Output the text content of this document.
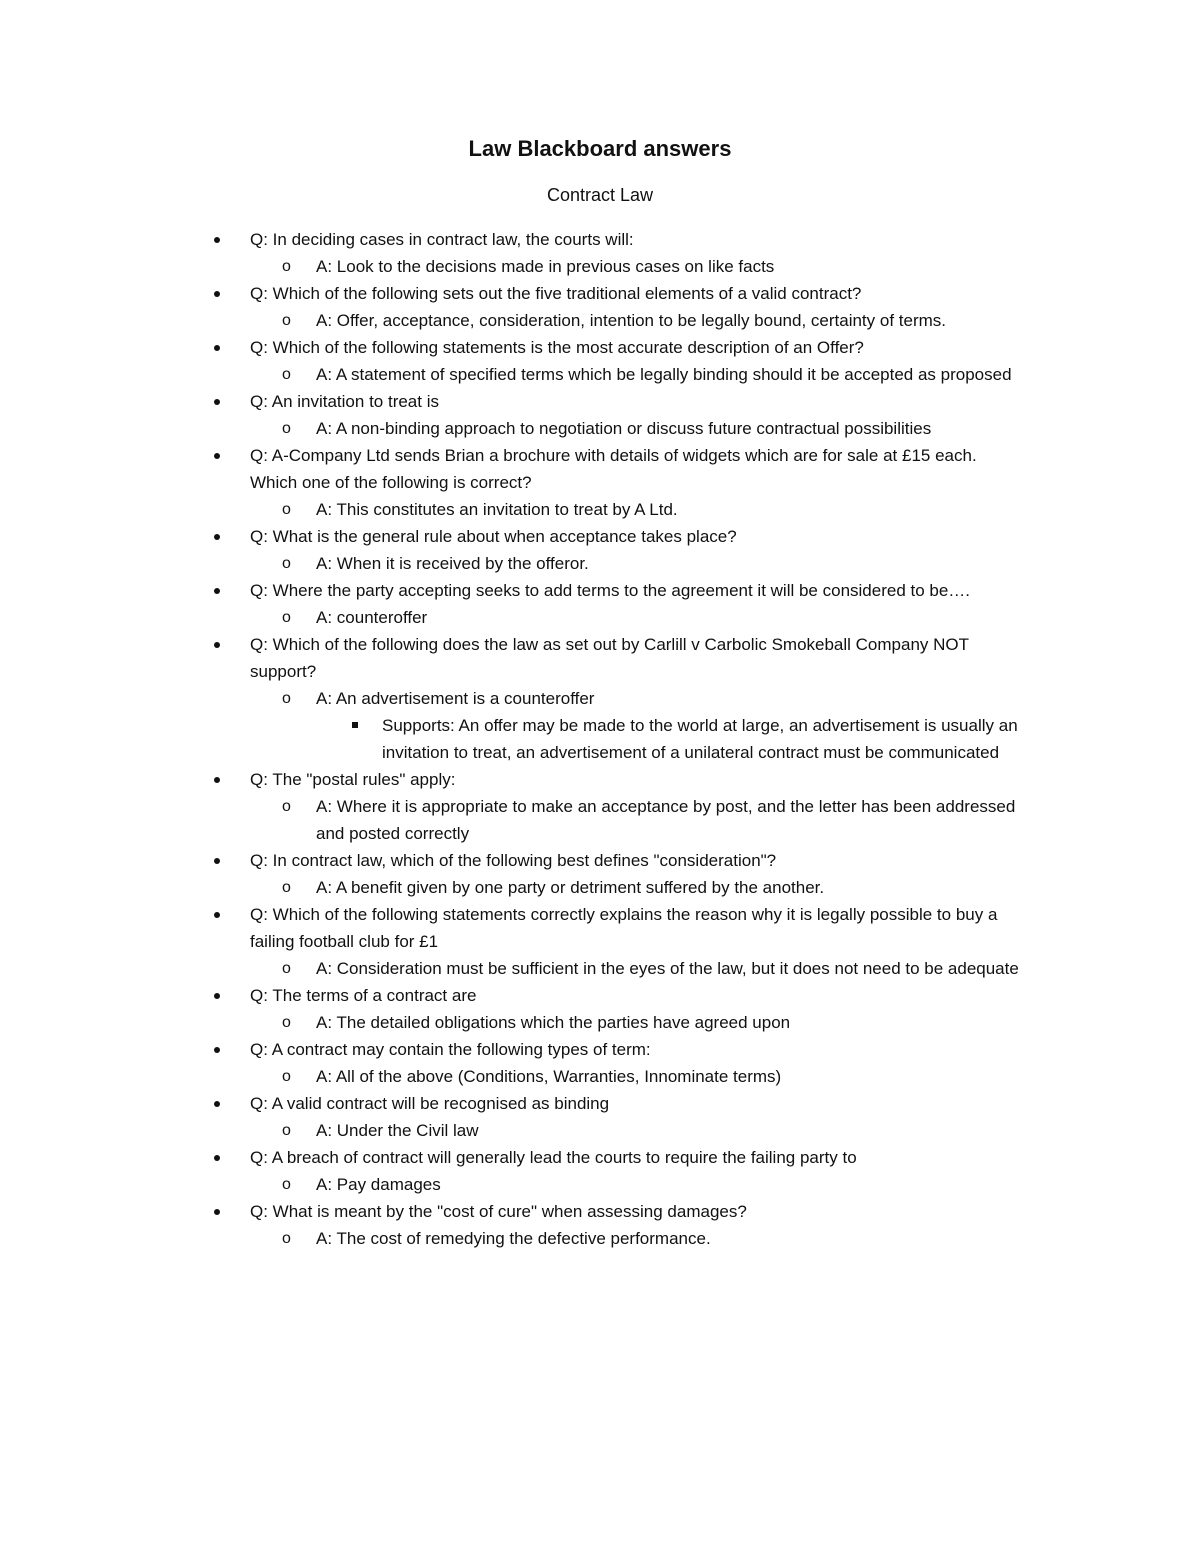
Law Blackboard answers
Contract Law
Q: In deciding cases in contract law, the courts will:
o A: Look to the decisions made in previous cases on like facts
Q: Which of the following sets out the five traditional elements of a valid contract?
o A: Offer, acceptance, consideration, intention to be legally bound, certainty of terms.
Q: Which of the following statements is the most accurate description of an Offer?
o A: A statement of specified terms which be legally binding should it be accepted as proposed
Q: An invitation to treat is
o A: A non-binding approach to negotiation or discuss future contractual possibilities
Q: A-Company Ltd sends Brian a brochure with details of widgets which are for sale at £15 each. Which one of the following is correct?
o A: This constitutes an invitation to treat by A Ltd.
Q: What is the general rule about when acceptance takes place?
o A: When it is received by the offeror.
Q: Where the party accepting seeks to add terms to the agreement it will be considered to be….
o A: counteroffer
Q: Which of the following does the law as set out by Carlill v Carbolic Smokeball Company NOT support?
o A: An advertisement is a counteroffer
Supports: An offer may be made to the world at large, an advertisement is usually an invitation to treat, an advertisement of a unilateral contract must be communicated
Q: The "postal rules" apply:
o A: Where it is appropriate to make an acceptance by post, and the letter has been addressed and posted correctly
Q: In contract law, which of the following best defines "consideration"?
o A: A benefit given by one party or detriment suffered by the another.
Q: Which of the following statements correctly explains the reason why it is legally possible to buy a failing football club for £1
o A: Consideration must be sufficient in the eyes of the law, but it does not need to be adequate
Q: The terms of a contract are
o A: The detailed obligations which the parties have agreed upon
Q: A contract may contain the following types of term:
o A: All of the above (Conditions, Warranties, Innominate terms)
Q: A valid contract will be recognised as binding
o A: Under the Civil law
Q: A breach of contract will generally lead the courts to require the failing party to
o A: Pay damages
Q: What is meant by the "cost of cure" when assessing damages?
o A: The cost of remedying the defective performance.
